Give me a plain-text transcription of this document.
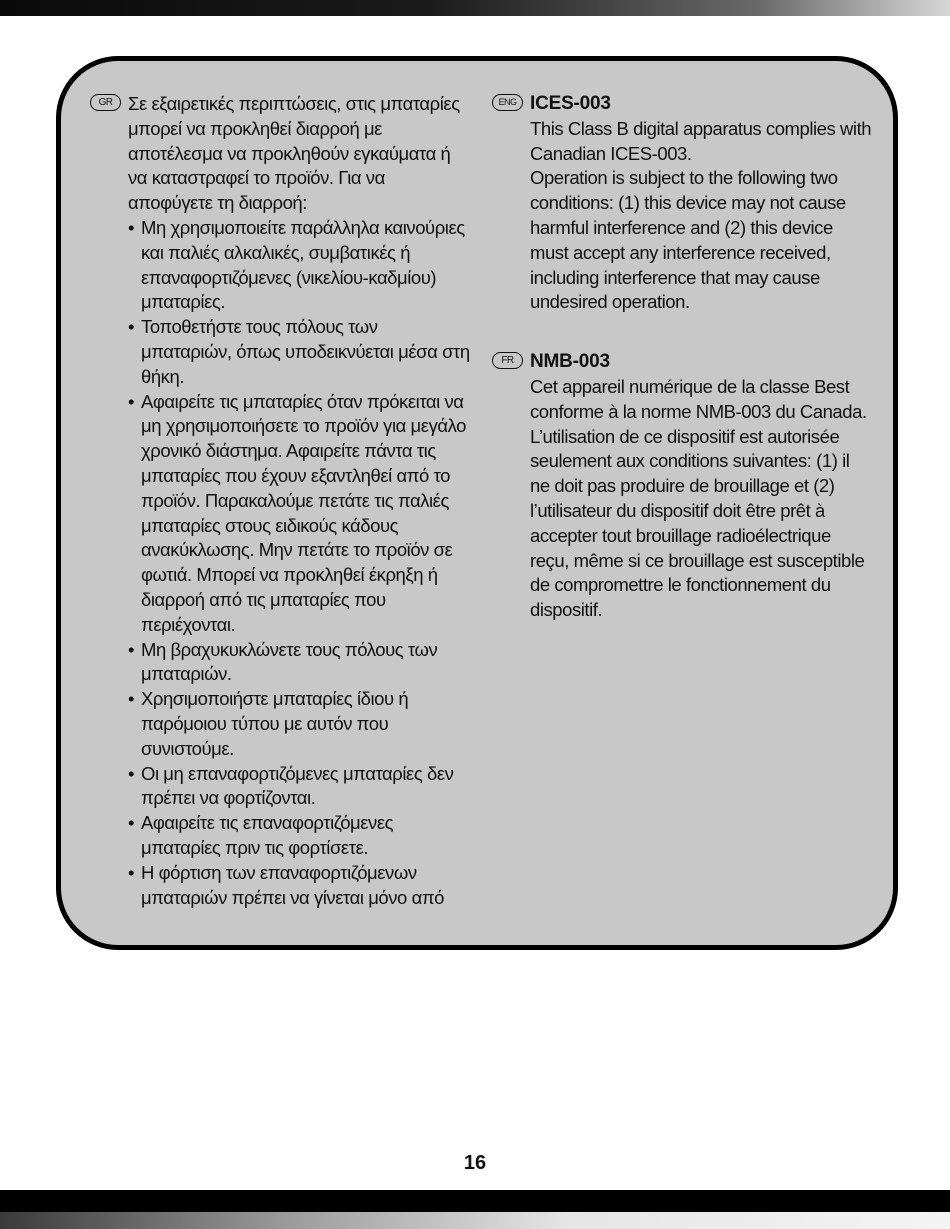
GR Σε εξαιρετικές περιπτώσεις, στις μπαταρίες μπορεί να προκληθεί διαρροή με αποτέλεσμα να προκληθούν εγκαύματα ή να καταστραφεί το προϊόν. Για να αποφύγετε τη διαρροή:
• Μη χρησιμοποιείτε παράλληλα καινούριες και παλιές αλκαλικές, συμβατικές ή επαναφορτιζόμενες (νικελίου-καδμίου) μπαταρίες.
• Τοποθετήστε τους πόλους των μπαταριών, όπως υποδεικνύεται μέσα στη θήκη.
• Αφαιρείτε τις μπαταρίες όταν πρόκειται να μη χρησιμοποιήσετε το προϊόν για μεγάλο χρονικό διάστημα. Αφαιρείτε πάντα τις μπαταρίες που έχουν εξαντληθεί από το προϊόν. Παρακαλούμε πετάτε τις παλιές μπαταρίες στους ειδικούς κάδους ανακύκλωσης. Μην πετάτε το προϊόν σε φωτιά. Μπορεί να προκληθεί έκρηξη ή διαρροή από τις μπαταρίες που περιέχονται.
• Μη βραχυκυκλώνετε τους πόλους των μπαταριών.
• Χρησιμοποιήστε μπαταρίες ίδιου ή παρόμοιου τύπου με αυτόν που συνιστούμε.
• Οι μη επαναφορτιζόμενες μπαταρίες δεν πρέπει να φορτίζονται.
• Αφαιρείτε τις επαναφορτιζόμενες μπαταρίες πριν τις φορτίσετε.
• Η φόρτιση των επαναφορτιζόμενων μπαταριών πρέπει να γίνεται μόνο από
ENG ICES-003
This Class B digital apparatus complies with Canadian ICES-003.
Operation is subject to the following two conditions: (1) this device may not cause harmful interference and (2) this device must accept any interference received, including interference that may cause undesired operation.
FR NMB-003
Cet appareil numérique de la classe Best conforme à la norme NMB-003 du Canada.
L’utilisation de ce dispositif est autorisée seulement aux conditions suivantes: (1) il ne doit pas produire de brouillage et (2) l’utilisateur du dispositif doit être prêt à accepter tout brouillage radioélectrique reçu, même si ce brouillage est susceptible de compromettre le fonctionnement du dispositif.
16
